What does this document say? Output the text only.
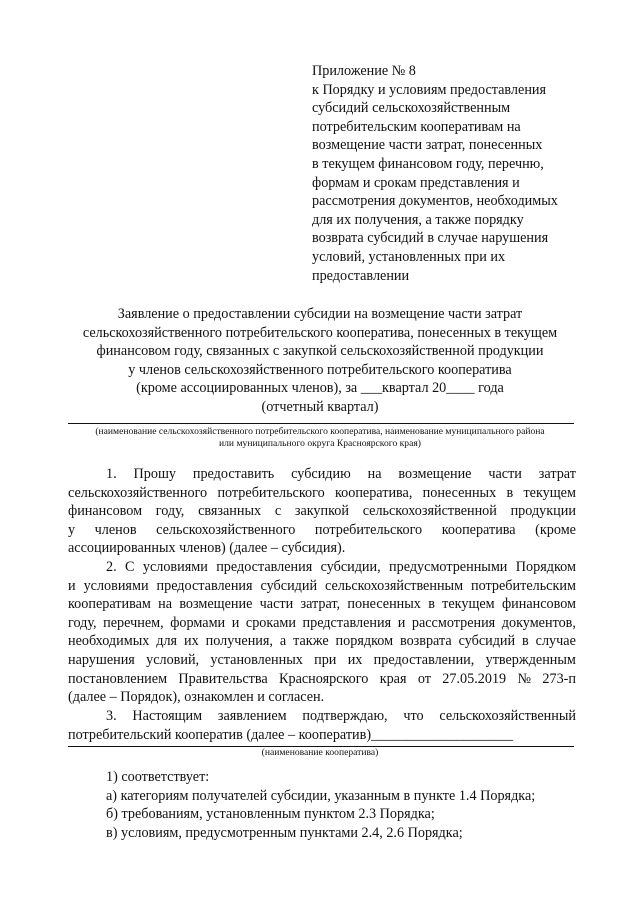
Приложение № 8
к Порядку и условиям предоставления
субсидий сельскохозяйственным
потребительским кооперативам на
возмещение части затрат, понесенных
в текущем финансовом году, перечню,
формам и срокам представления и
рассмотрения документов, необходимых
для их получения, а также порядку
возврата субсидий в случае нарушения
условий, установленных при их
предоставлении
Заявление о предоставлении субсидии на возмещение части затрат
сельскохозяйственного потребительского кооператива, понесенных в текущем
финансовом году, связанных с закупкой сельскохозяйственной продукции
у членов сельскохозяйственного потребительского кооператива
(кроме ассоциированных членов), за ___квартал 20____ года
(отчетный квартал)
(наименование сельскохозяйственного потребительского кооператива, наименование муниципального района
или муниципального округа Красноярского края)
1. Прошу предоставить субсидию на возмещение части затрат
сельскохозяйственного потребительского кооператива, понесенных в текущем
финансовом году, связанных с закупкой сельскохозяйственной продукции
у членов сельскохозяйственного потребительского кооператива (кроме
ассоциированных членов) (далее – субсидия).
2. С условиями предоставления субсидии, предусмотренными Порядком
и условиями предоставления субсидий сельскохозяйственным потребительским
кооперативам на возмещение части затрат, понесенных в текущем финансовом
году, перечнем, формами и сроками представления и рассмотрения документов,
необходимых для их получения, а также порядком возврата субсидий в случае
нарушения условий, установленных при их предоставлении, утвержденным
постановлением Правительства Красноярского края от 27.05.2019 № 273-п
(далее – Порядок), ознакомлен и согласен.
3. Настоящим заявлением подтверждаю, что сельскохозяйственный
потребительский кооператив (далее – кооператив)____________________
(наименование кооператива)
1) соответствует:
а) категориям получателей субсидии, указанным в пункте 1.4 Порядка;
б) требованиям, установленным пунктом 2.3 Порядка;
в) условиям, предусмотренным пунктами 2.4, 2.6 Порядка;
